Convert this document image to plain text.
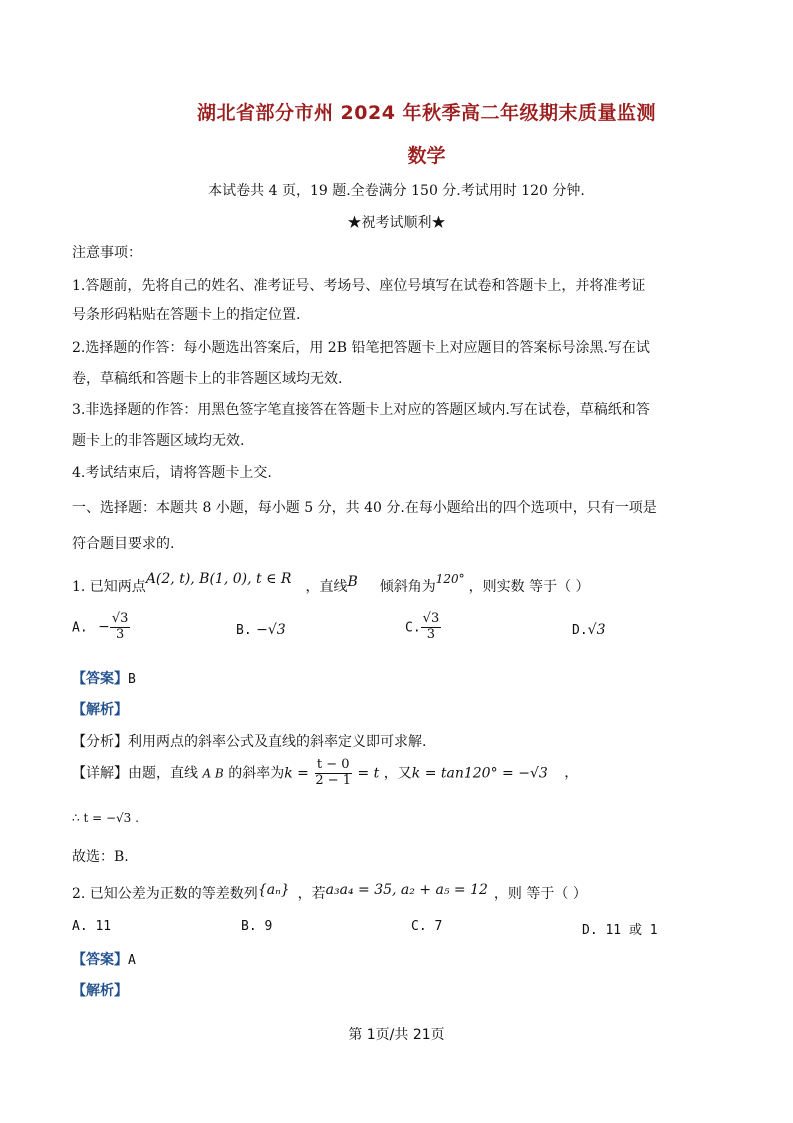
湖北省部分市州 2024 年秋季高二年级期末质量监测
数学
本试卷共 4 页，19 题.全卷满分 150 分.考试用时 120 分钟.
★祝考试顺利★
注意事项：
1.答题前，先将自己的姓名、准考证号、考场号、座位号填写在试卷和答题卡上，并将准考证
号条形码粘贴在答题卡上的指定位置.
2.选择题的作答：每小题选出答案后，用 2B 铅笔把答题卡上对应题目的答案标号涂黑.写在试
卷，草稿纸和答题卡上的非答题区域均无效.
3.非选择题的作答：用黑色签字笔直接答在答题卡上对应的答题区域内.写在试卷，草稿纸和答
题卡上的非答题区域均无效.
4.考试结束后，请将答题卡上交.
一、选择题：本题共 8 小题，每小题 5 分，共 40 分.在每小题给出的四个选项中，只有一项是
符合题目要求的.
1. 已知两点A(2, t), B(1, 0), t ∈ R ，直线B 倾斜角为120° ，则实数 等于（ ）
A. − $\frac{√3}{3}$	B. −√3	C. $\frac{√3}{3}$	D.√3
【答案】B
【解析】
【分析】利用两点的斜率公式及直线的斜率定义即可求解.
【详解】由题，直线 A B 的斜率为$k = \frac{t - 0}{2 - 1} = t$ ，又k = tan120° = −√3 ，
∴ t = −√3 .
故选：B.
2. 已知公差为正数的等差数列{aₙ} ，若a₃a₄ = 35, a₂ + a₅ = 12 ，则 等于（ ）
A. 11	B. 9	C. 7	D. 11 或 1
【答案】A
【解析】
第 1页/共 21页
